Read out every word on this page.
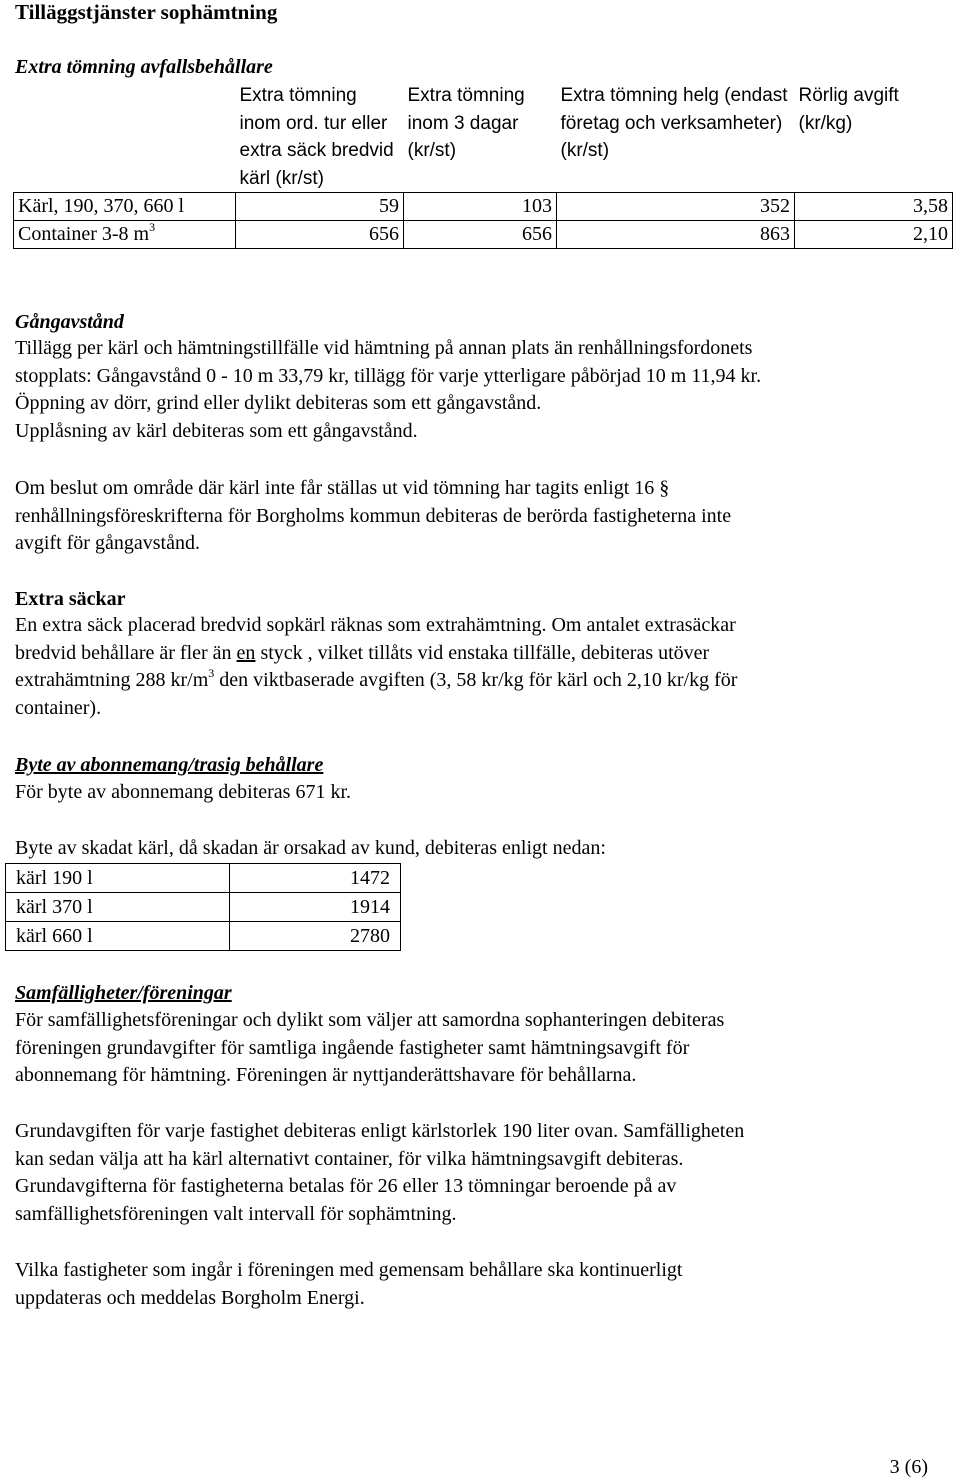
Tilläggstjänster sophämtning
Extra tömning avfallsbehållare
	Extra tömning inom ord. tur eller extra säck bredvid kärl (kr/st)	Extra tömning inom 3 dagar (kr/st)	Extra tömning helg (endast företag och verksamheter) (kr/st)	Rörlig avgift (kr/kg)
Kärl, 190, 370, 660 l	59	103	352	3,58
Container 3-8 $m^3$	656	656	863	2,10
Gångavstånd
Tillägg per kärl och hämtningstillfälle vid hämtning på annan plats än renhållningsfordonets
stopplats: Gångavstånd 0 - 10 m 33,79 kr, tillägg för varje ytterligare påbörjad 10 m 11,94 kr.
Öppning av dörr, grind eller dylikt debiteras som ett gångavstånd.
Upplåsning av kärl debiteras som ett gångavstånd.
Om beslut om område där kärl inte får ställas ut vid tömning har tagits enligt 16 §
renhållningsföreskrifterna för Borgholms kommun debiteras de berörda fastigheterna inte
avgift för gångavstånd.
Extra säckar
En extra säck placerad bredvid sopkärl räknas som extrahämtning. Om antalet extrasäckar
bredvid behållare är fler än en styck , vilket tillåts vid enstaka tillfälle, debiteras utöver
extrahämtning 288 $kr/m^3$ den viktbaserade avgiften (3, 58 kr/kg för kärl och 2,10 kr/kg för
container).
Byte av abonnemang/trasig behållare
För byte av abonnemang debiteras 671 kr.
Byte av skadat kärl, då skadan är orsakad av kund, debiteras enligt nedan:
kärl 190 l	1472
kärl 370 l	1914
kärl 660 l	2780
Samfälligheter/föreningar
För samfällighetsföreningar och dylikt som väljer att samordna sophanteringen debiteras
föreningen grundavgifter för samtliga ingående fastigheter samt hämtningsavgift för
abonnemang för hämtning. Föreningen är nyttjanderättshavare för behållarna.
Grundavgiften för varje fastighet debiteras enligt kärlstorlek 190 liter ovan. Samfälligheten
kan sedan välja att ha kärl alternativt container, för vilka hämtningsavgift debiteras.
Grundavgifterna för fastigheterna betalas för 26 eller 13 tömningar beroende på av
samfällighetsföreningen valt intervall för sophämtning.
Vilka fastigheter som ingår i föreningen med gemensam behållare ska kontinuerligt
uppdateras och meddelas Borgholm Energi.
3 (6)
